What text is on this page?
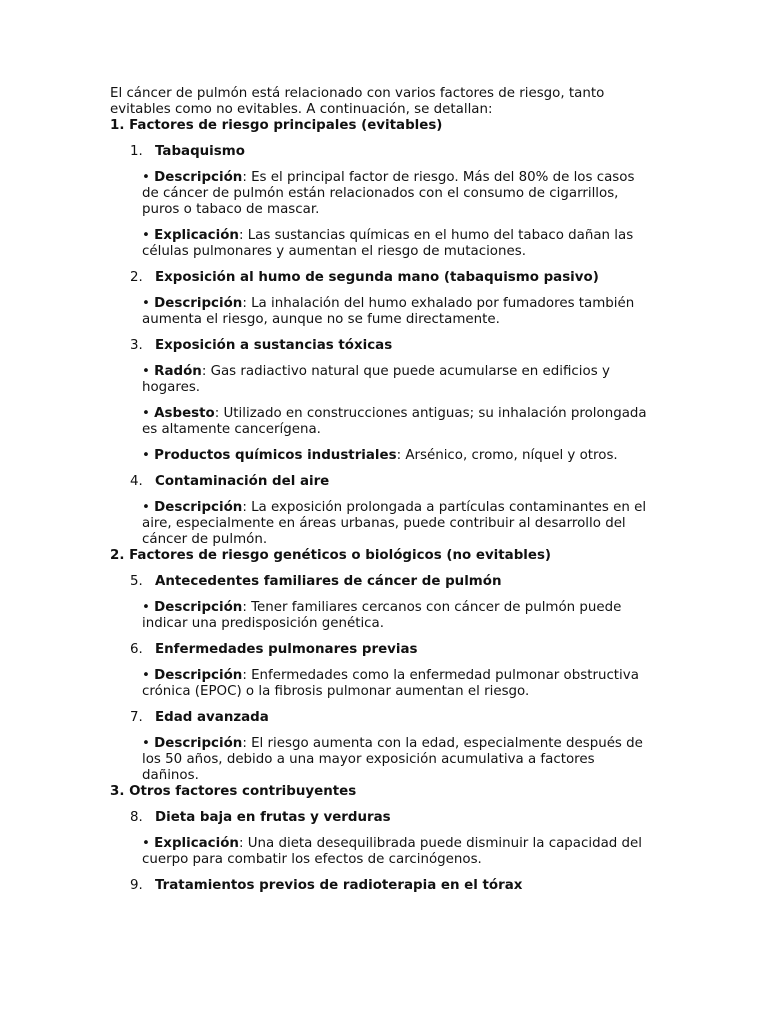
El cáncer de pulmón está relacionado con varios factores de riesgo, tanto evitables como no evitables. A continuación, se detallan:

1. Factores de riesgo principales (evitables)

1. Tabaquismo

• Descripción: Es el principal factor de riesgo. Más del 80% de los casos de cáncer de pulmón están relacionados con el consumo de cigarrillos, puros o tabaco de mascar.

• Explicación: Las sustancias químicas en el humo del tabaco dañan las células pulmonares y aumentan el riesgo de mutaciones.

2. Exposición al humo de segunda mano (tabaquismo pasivo)

• Descripción: La inhalación del humo exhalado por fumadores también aumenta el riesgo, aunque no se fume directamente.

3. Exposición a sustancias tóxicas

• Radón: Gas radiactivo natural que puede acumularse en edificios y hogares.

• Asbesto: Utilizado en construcciones antiguas; su inhalación prolongada es altamente cancerígena.

• Productos químicos industriales: Arsénico, cromo, níquel y otros.

4. Contaminación del aire

• Descripción: La exposición prolongada a partículas contaminantes en el aire, especialmente en áreas urbanas, puede contribuir al desarrollo del cáncer de pulmón.

2. Factores de riesgo genéticos o biológicos (no evitables)

5. Antecedentes familiares de cáncer de pulmón

• Descripción: Tener familiares cercanos con cáncer de pulmón puede indicar una predisposición genética.

6. Enfermedades pulmonares previas

• Descripción: Enfermedades como la enfermedad pulmonar obstructiva crónica (EPOC) o la fibrosis pulmonar aumentan el riesgo.

7. Edad avanzada

• Descripción: El riesgo aumenta con la edad, especialmente después de los 50 años, debido a una mayor exposición acumulativa a factores dañinos.

3. Otros factores contribuyentes

8. Dieta baja en frutas y verduras

• Explicación: Una dieta desequilibrada puede disminuir la capacidad del cuerpo para combatir los efectos de carcinógenos.

9. Tratamientos previos de radioterapia en el tórax
